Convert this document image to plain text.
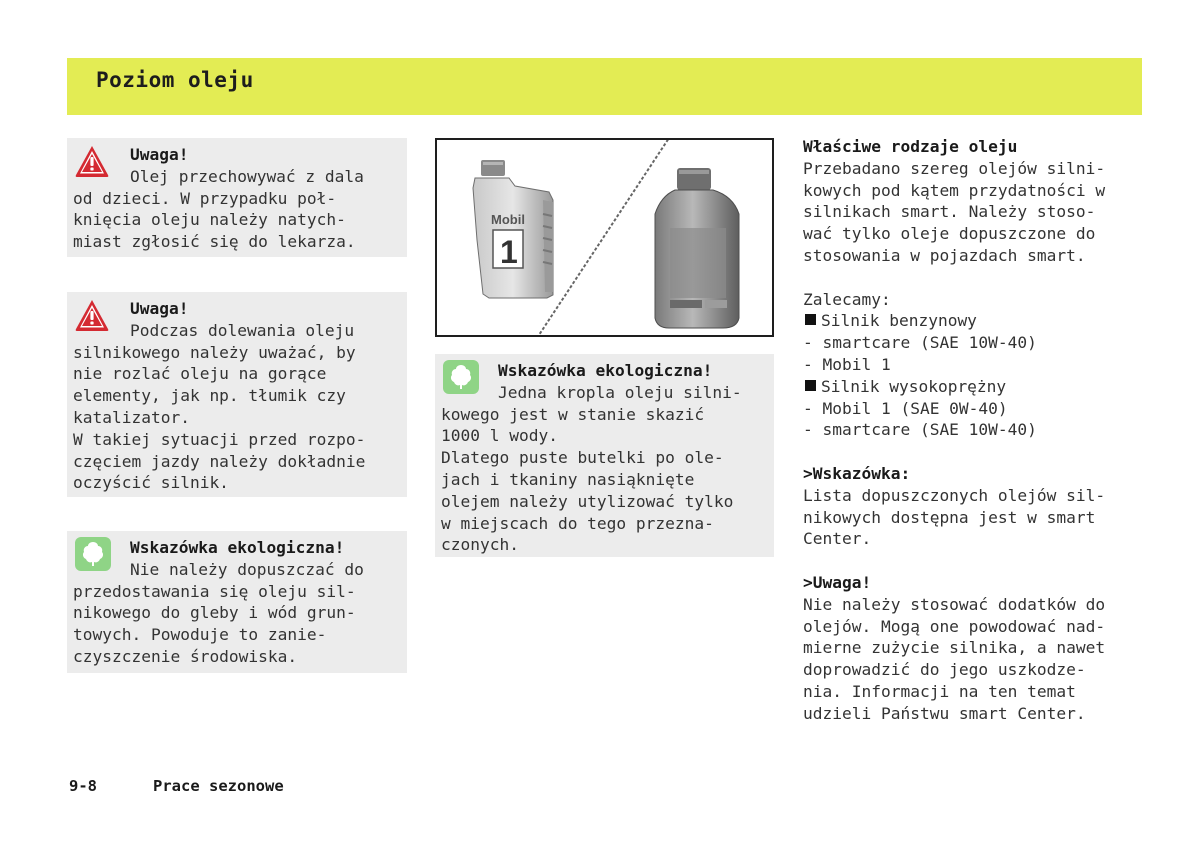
Poziom oleju
Uwaga!
Olej przechowywać z dala
od dzieci. W przypadku poł-
knięcia oleju należy natych-
miast zgłosić się do lekarza.
Uwaga!
Podczas dolewania oleju
silnikowego należy uważać, by
nie rozlać oleju na gorące
elementy, jak np. tłumik czy
katalizator.
W takiej sytuacji przed rozpo-
częciem jazdy należy dokładnie
oczyścić silnik.
Wskazówka ekologiczna!
Nie należy dopuszczać do
przedostawania się oleju sil-
nikowego do gleby i wód grun-
towych. Powoduje to zanie-
czyszczenie środowiska.
Mobil
1
Wskazówka ekologiczna!
Jedna kropla oleju silni-
kowego jest w stanie skazić
1000 l wody.
Dlatego puste butelki po ole-
jach i tkaniny nasiąknięte
olejem należy utylizować tylko
w miejscach do tego przezna-
czonych.
Właściwe rodzaje oleju
Przebadano szereg olejów silni-
kowych pod kątem przydatności w
silnikach smart. Należy stoso-
wać tylko oleje dopuszczone do
stosowania w pojazdach smart.

Zalecamy:
Silnik benzynowy
- smartcare (SAE 10W-40)
- Mobil 1
Silnik wysokoprężny
- Mobil 1 (SAE 0W-40)
- smartcare (SAE 10W-40)

>Wskazówka:
Lista dopuszczonych olejów sil-
nikowych dostępna jest w smart
Center.

>Uwaga!
Nie należy stosować dodatków do
olejów. Mogą one powodować nad-
mierne zużycie silnika, a nawet
doprowadzić do jego uszkodze-
nia. Informacji na ten temat
udzieli Państwu smart Center.
9-8	Prace sezonowe
